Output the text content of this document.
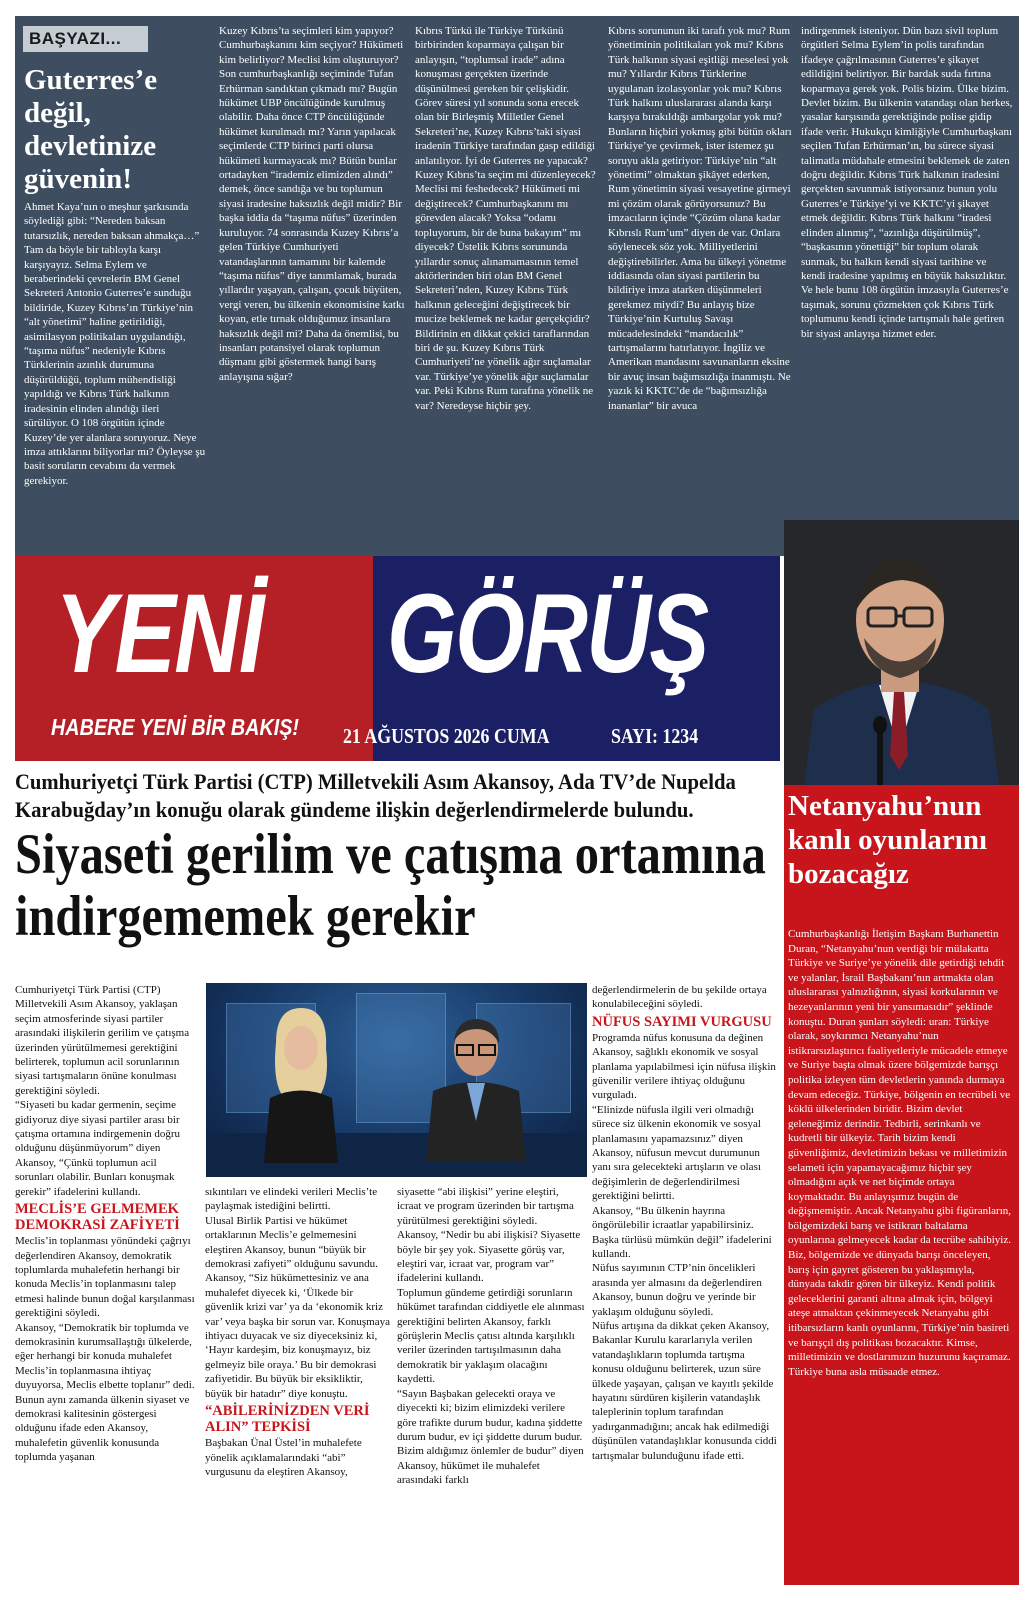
BAŞYAZI...
Guterres’e değil, devletinize güvenin!

Ahmet Kaya’nın o meşhur şarkısında söylediği gibi: “Nereden baksan tutarsızlık, nereden baksan ahmakça…” Tam da böyle bir tabloyla karşı karşıyayız. Selma Eylem ve beraberindeki çevrelerin BM Genel Sekreteri Antonio Guterres’e sunduğu bildiride, Kuzey Kıbrıs’ın Türkiye’nin “alt yönetimi” haline getirildiği, asimilasyon politikaları uygulandığı, “taşıma nüfus” nedeniyle Kıbrıs Türklerinin azınlık durumuna düşürüldüğü, toplum mühendisliği yapıldığı ve Kıbrıs Türk halkının iradesinin elinden alındığı ileri sürülüyor. O 108 örgütün içinde Kuzey’de yer alanlara soruyoruz. Neye imza attıklarını biliyorlar mı? Öyleyse şu basit soruların cevabını da vermek gerekiyor.

Kuzey Kıbrıs’ta seçimleri kim yapıyor? Cumhurbaşkanını kim seçiyor? Hükümeti kim belirliyor? Meclisi kim oluşturuyor? Son cumhurbaşkanlığı seçiminde Tufan Erhürman sandıktan çıkmadı mı? Bugün hükümet UBP öncülüğünde kurulmuş olabilir. Daha önce CTP öncülüğünde hükümet kurulmadı mı? Yarın yapılacak seçimlerde CTP birinci parti olursa hükümeti kurmayacak mı? Bütün bunlar ortadayken “irademiz elimizden alındı” demek, önce sandığa ve bu toplumun siyasi iradesine haksızlık değil midir? Bir başka iddia da “taşıma nüfus” üzerinden kuruluyor. 74 sonrasında Kuzey Kıbrıs’a gelen Türkiye Cumhuriyeti vatandaşlarının tamamını bir kalemde “taşıma nüfus” diye tanımlamak, burada yıllardır yaşayan, çalışan, çocuk büyüten, vergi veren, bu ülkenin ekonomisine katkı koyan, etle tırnak olduğumuz insanlara haksızlık değil mi? Daha da önemlisi, bu insanları potansiyel olarak toplumun düşmanı gibi göstermek hangi barış anlayışına sığar?

Kıbrıs Türkü ile Türkiye Türkünü birbirinden koparmaya çalışan bir anlayışın, “toplumsal irade” adına konuşması gerçekten üzerinde düşünülmesi gereken bir çelişkidir. Görev süresi yıl sonunda sona erecek olan bir Birleşmiş Milletler Genel Sekreteri’ne, Kuzey Kıbrıs’taki siyasi iradenin Türkiye tarafından gasp edildiği anlatılıyor. İyi de Guterres ne yapacak? Kuzey Kıbrıs’ta seçim mi düzenleyecek? Meclisi mi feshedecek? Hükümeti mi değiştirecek? Cumhurbaşkanını mı görevden alacak? Yoksa “odamı topluyorum, bir de buna bakayım” mı diyecek? Üstelik Kıbrıs sorununda yıllardır sonuç alınamamasının temel aktörlerinden biri olan BM Genel Sekreteri’nden, Kuzey Kıbrıs Türk halkının geleceğini değiştirecek bir mucize beklemek ne kadar gerçekçidir? Bildirinin en dikkat çekici taraflarından biri de şu. Kuzey Kıbrıs Türk Cumhuriyeti’ne yönelik ağır suçlamalar var. Türkiye’ye yönelik ağır suçlamalar var. Peki Kıbrıs Rum tarafına yönelik ne var? Neredeyse hiçbir şey.

Kıbrıs sorununun iki tarafı yok mu? Rum yönetiminin politikaları yok mu? Kıbrıs Türk halkının siyasi eşitliği meselesi yok mu? Yıllardır Kıbrıs Türklerine uygulanan izolasyonlar yok mu? Kıbrıs Türk halkını uluslararası alanda karşı karşıya bırakıldığı ambargolar yok mu? Bunların hiçbiri yokmuş gibi bütün okları Türkiye’ye çevirmek, ister istemez şu soruyu akla getiriyor: Türkiye’nin “alt yönetimi” olmaktan şikâyet ederken, Rum yönetimin siyasi vesayetine girmeyi mi çözüm olarak görüyorsunuz? Bu imzacıların içinde “Çözüm olana kadar Kıbrıslı Rum’um” diyen de var. Onlara söylenecek söz yok. Milliyetlerini değiştirebilirler. Ama bu ülkeyi yönetme iddiasında olan siyasi partilerin bu bildiriye imza atarken düşünmeleri gerekmez miydi? Bu anlayış bize Türkiye’nin Kurtuluş Savaşı mücadelesindeki “mandacılık” tartışmalarını hatırlatıyor. İngiliz ve Amerikan mandasını savunanların eksine bir avuç insan bağımsızlığa inanmıştı. Ne yazık ki KKTC’de de “bağımsızlığa inananlar” bir avuca

indirgenmek isteniyor. Dün bazı sivil toplum örgütleri Selma Eylem’in polis tarafından ifadeye çağrılmasının Guterres’e şikayet edildiğini belirtiyor. Bir bardak suda fırtına koparmaya gerek yok. Polis bizim. Ülke bizim. Devlet bizim. Bu ülkenin vatandaşı olan herkes, yasalar karşısında gerektiğinde polise gidip ifade verir. Hukukçu kimliğiyle Cumhurbaşkanı seçilen Tufan Erhürman’ın, bu sürece siyasi talimatla müdahale etmesini beklemek de zaten doğru değildir. Kıbrıs Türk halkının iradesini gerçekten savunmak istiyorsanız bunun yolu Guterres’e Türkiye’yi ve KKTC’yi şikayet etmek değildir. Kıbrıs Türk halkını “iradesi elinden alınmış”, “azınlığa düşürülmüş”, “başkasının yönettiği” bir toplum olarak sunmak, bu halkın kendi siyasi tarihine ve kendi iradesine yapılmış en büyük haksızlıktır. Ve hele bunu 108 örgütün imzasıyla Guterres’e taşımak, sorunu çözmekten çok Kıbrıs Türk toplumunu kendi içinde tartışmalı hale getiren bir siyasi anlayışa hizmet eder.

YENİ GÖRÜŞ
HABERE YENİ BİR BAKIŞ! 21 AĞUSTOS 2026 CUMA	SAYI: 1234
Netanyahu’nun kanlı oyunlarını bozacağız

Cumhurbaşkanlığı İletişim Başkanı Burhanettin Duran, “Netanyahu’nun verdiği bir mülakatta Türkiye ve Suriye’ye yönelik dile getirdiği tehdit ve yalanlar, İsrail Başbakanı’nın artmakta olan uluslararası yalnızlığının, siyasi korkularının ve hezeyanlarının yeni bir yansımasıdır” şeklinde konuştu. Duran şunları söyledi: uran: Türkiye olarak, soykırımcı Netanyahu’nun istikrarsızlaştırıcı faaliyetleriyle mücadele etmeye ve Suriye başta olmak üzere bölgemizde barışçı politika izleyen tüm devletlerin yanında durmaya devam edeceğiz. Türkiye, bölgenin en tecrübeli ve köklü ülkelerinden biridir. Bizim devlet geleneğimiz derindir. Tedbirli, serinkanlı ve kudretli bir ülkeyiz. Tarih bizim kendi güvenliğimiz, devletimizin bekası ve milletimizin selameti için yapamayacağımız hiçbir şey olmadığını açık ve net biçimde ortaya koymaktadır. Bu anlayışımız bugün de değişmemiştir. Ancak Netanyahu gibi figüranların, bölgemizdeki barış ve istikrarı baltalama oyunlarına gelmeyecek kadar da tecrübe sahibiyiz. Biz, bölgemizde ve dünyada barışı önceleyen, barış için gayret gösteren bu yaklaşımıyla, dünyada takdir gören bir ülkeyiz. Kendi politik geleceklerini garanti altına almak için, bölgeyi ateşe atmaktan çekinmeyecek Netanyahu gibi itibarsızların kanlı oyunlarını, Türkiye’nin basireti ve barışçıl dış politikası bozacaktır. Kimse, milletimizin ve dostlarımızın huzurunu kaçıramaz. Türkiye buna asla müsaade etmez.

Cumhuriyetçi Türk Partisi (CTP) Milletvekili Asım Akansoy, Ada TV’de Nupelda Karabuğday’ın konuğu olarak gündeme ilişkin değerlendirmelerde bulundu.
Siyaseti gerilim ve çatışma ortamına indirgememek gerekir

Cumhuriyetçi Türk Partisi (CTP) Milletvekili Asım Akansoy, yaklaşan seçim atmosferinde siyasi partiler arasındaki ilişkilerin gerilim ve çatışma üzerinden yürütülmemesi gerektiğini belirterek, toplumun acil sorunlarının siyasi tartışmaların önüne konulması gerektiğini söyledi.

“Siyaseti bu kadar germenin, seçime gidiyoruz diye siyasi partiler arası bir çatışma ortamına indirgemenin doğru olduğunu düşünmüyorum” diyen Akansoy, “Çünkü toplumun acil sorunları olabilir. Bunları konuşmak gerekir” ifadelerini kullandı.

MECLİS’E GELMEMEK DEMOKRASİ ZAFİYETİ

Meclis’in toplanması yönündeki çağrıyı değerlendiren Akansoy, demokratik toplumlarda muhalefetin herhangi bir konuda Meclis’in toplanmasını talep etmesi halinde bunun doğal karşılanması gerektiğini söyledi.

Akansoy, “Demokratik bir toplumda ve demokrasinin kurumsallaştığı ülkelerde, eğer herhangi bir konuda muhalefet Meclis’in toplanmasına ihtiyaç duyuyorsa, Meclis elbette toplanır” dedi.

Bunun aynı zamanda ülkenin siyaset ve demokrasi kalitesinin göstergesi olduğunu ifade eden Akansoy, muhalefetin güvenlik konusunda toplumda yaşanan

sıkıntıları ve elindeki verileri Meclis’te paylaşmak istediğini belirtti.

Ulusal Birlik Partisi ve hükümet ortaklarının Meclis’e gelmemesini eleştiren Akansoy, bunun “büyük bir demokrasi zafiyeti” olduğunu savundu.

Akansoy, “Siz hükümettesiniz ve ana muhalefet diyecek ki, ‘Ülkede bir güvenlik krizi var’ ya da ‘ekonomik kriz var’ veya başka bir sorun var. Konuşmaya ihtiyacı duyacak ve siz diyeceksiniz ki, ‘Hayır kardeşim, biz konuşmayız, biz gelmeyiz bile oraya.’ Bu bir demokrasi zafiyetidir. Bu büyük bir eksikliktir, büyük bir hatadır” diye konuştu.

“ABİLERİNİZDEN VERİ ALIN” TEPKİSİ

Başbakan Ünal Üstel’in muhalefete yönelik açıklamalarındaki “abi” vurgusunu da eleştiren Akansoy,

siyasette “abi ilişkisi” yerine eleştiri, icraat ve program üzerinden bir tartışma yürütülmesi gerektiğini söyledi.

Akansoy, “Nedir bu abi ilişkisi? Siyasette böyle bir şey yok. Siyasette görüş var, eleştiri var, icraat var, program var” ifadelerini kullandı.

Toplumun gündeme getirdiği sorunların hükümet tarafından ciddiyetle ele alınması gerektiğini belirten Akansoy, farklı görüşlerin Meclis çatısı altında karşılıklı veriler üzerinden tartışılmasının daha demokratik bir yaklaşım olacağını kaydetti.

“Sayın Başbakan gelecekti oraya ve diyecekti ki; bizim elimizdeki verilere göre trafikte durum budur, kadına şiddette durum budur, ev içi şiddette durum budur. Bizim aldığımız önlemler de budur” diyen Akansoy, hükümet ile muhalefet arasındaki farklı

değerlendirmelerin de bu şekilde ortaya konulabileceğini söyledi.

NÜFUS SAYIMI VURGUSU

Programda nüfus konusuna da değinen Akansoy, sağlıklı ekonomik ve sosyal planlama yapılabilmesi için nüfusa ilişkin güvenilir verilere ihtiyaç olduğunu vurguladı.

“Elinizde nüfusla ilgili veri olmadığı sürece siz ülkenin ekonomik ve sosyal planlamasını yapamazsınız” diyen Akansoy, nüfusun mevcut durumunun yanı sıra gelecekteki artışların ve olası değişimlerin de değerlendirilmesi gerektiğini belirtti.

Akansoy, “Bu ülkenin hayrına öngörülebilir icraatlar yapabilirsiniz. Başka türlüsü mümkün değil” ifadelerini kullandı.

Nüfus sayımının CTP’nin öncelikleri arasında yer almasını da değerlendiren Akansoy, bunun doğru ve yerinde bir yaklaşım olduğunu söyledi.

Nüfus artışına da dikkat çeken Akansoy, Bakanlar Kurulu kararlarıyla verilen vatandaşlıkların toplumda tartışma konusu olduğunu belirterek, uzun süre ülkede yaşayan, çalışan ve kayıtlı şekilde hayatını sürdüren kişilerin vatandaşlık taleplerinin toplum tarafından yadırganmadığını; ancak hak edilmediği düşünülen vatandaşlıklar konusunda ciddi tartışmalar bulunduğunu ifade etti.
